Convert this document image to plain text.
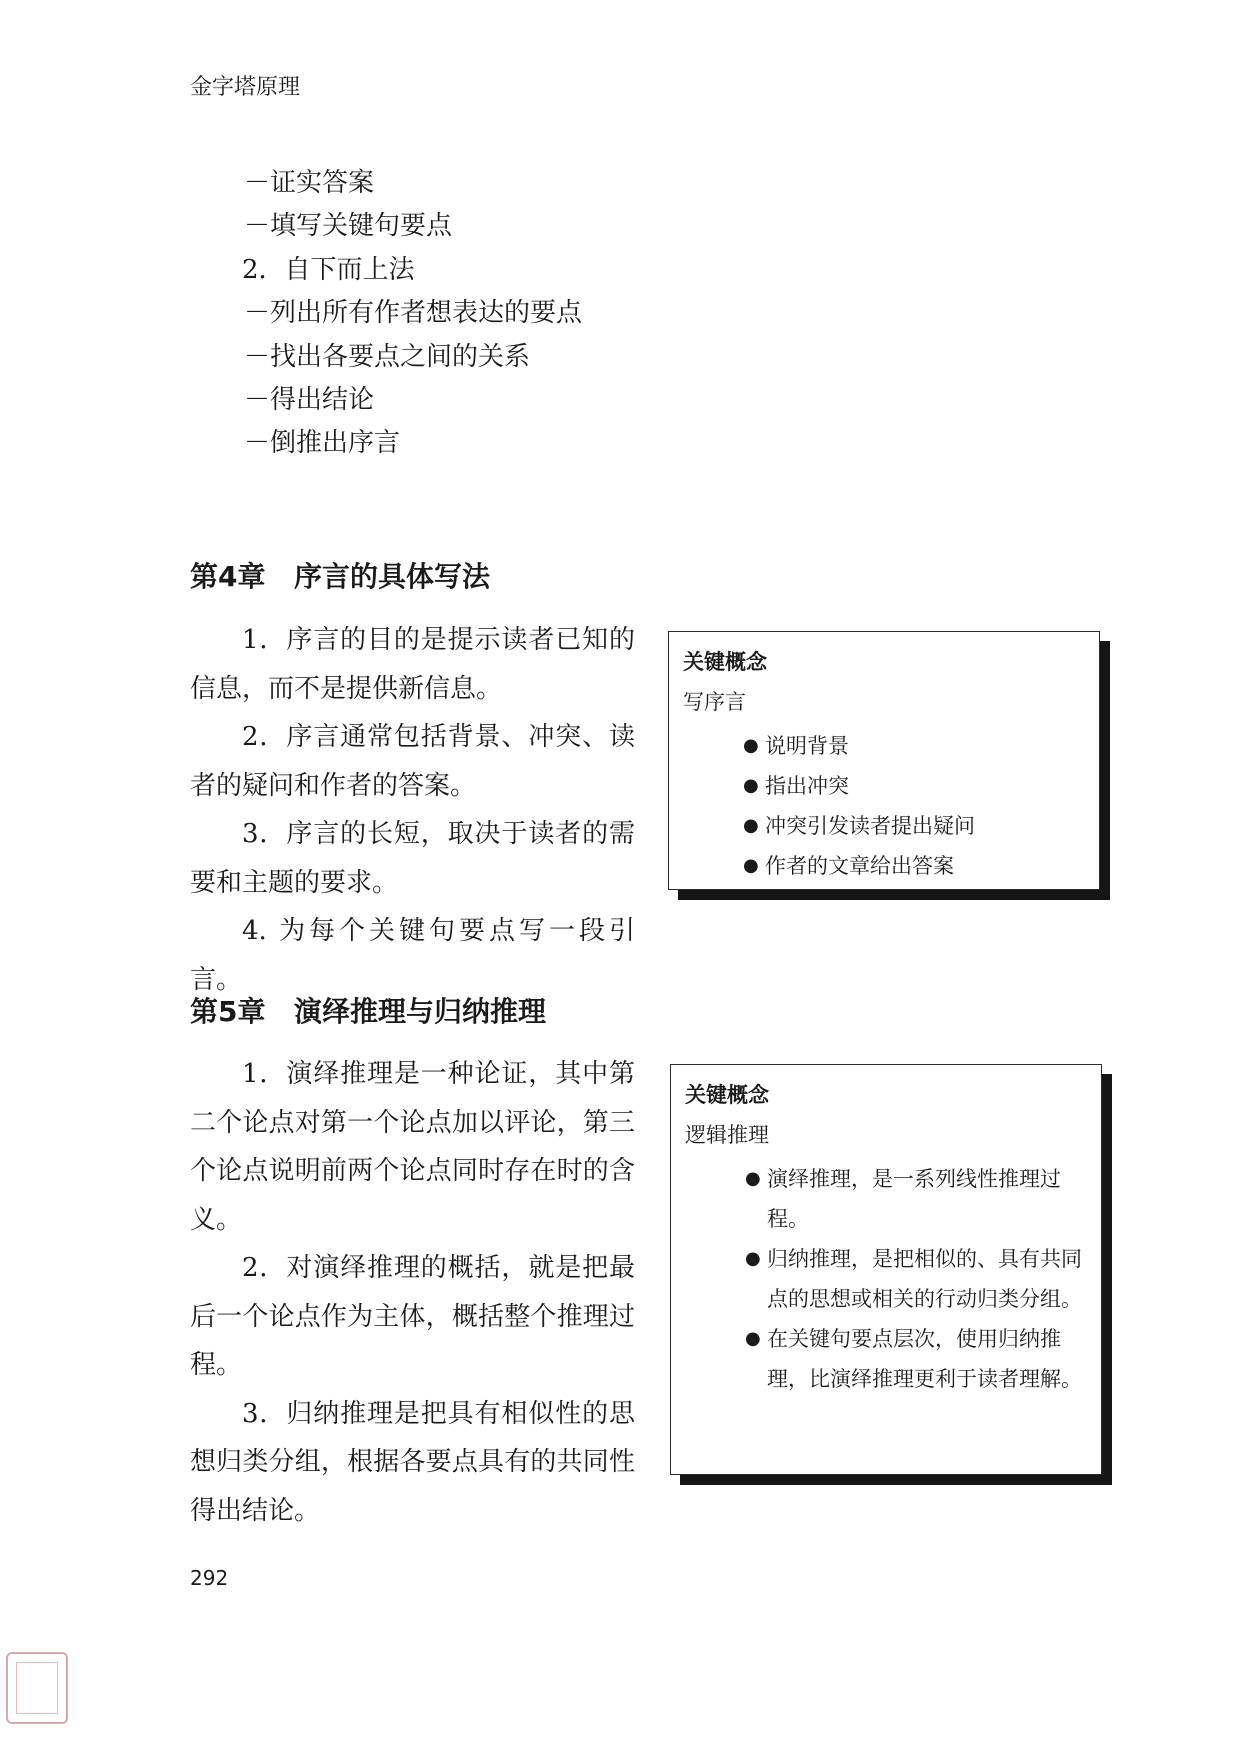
金字塔原理
－证实答案
－填写关键句要点
2．自下而上法
－列出所有作者想表达的要点
－找出各要点之间的关系
－得出结论
－倒推出序言
第4章 序言的具体写法

1．序言的目的是提示读者已知的信息，而不是提供新信息。

2．序言通常包括背景、冲突、读者的疑问和作者的答案。

3．序言的长短，取决于读者的需要和主题的要求。

4. 为每个关键句要点写一段引言。

关键概念
写序言
● 说明背景
● 指出冲突
● 冲突引发读者提出疑问
● 作者的文章给出答案
第5章 演绎推理与归纳推理

1．演绎推理是一种论证，其中第二个论点对第一个论点加以评论，第三个论点说明前两个论点同时存在时的含义。

2．对演绎推理的概括，就是把最后一个论点作为主体，概括整个推理过程。

3．归纳推理是把具有相似性的思想归类分组，根据各要点具有的共同性得出结论。

关键概念
逻辑推理
● 演绎推理，是一系列线性推理过程。
● 归纳推理，是把相似的、具有共同点的思想或相关的行动归类分组。
● 在关键句要点层次，使用归纳推理，比演绎推理更利于读者理解。
292
